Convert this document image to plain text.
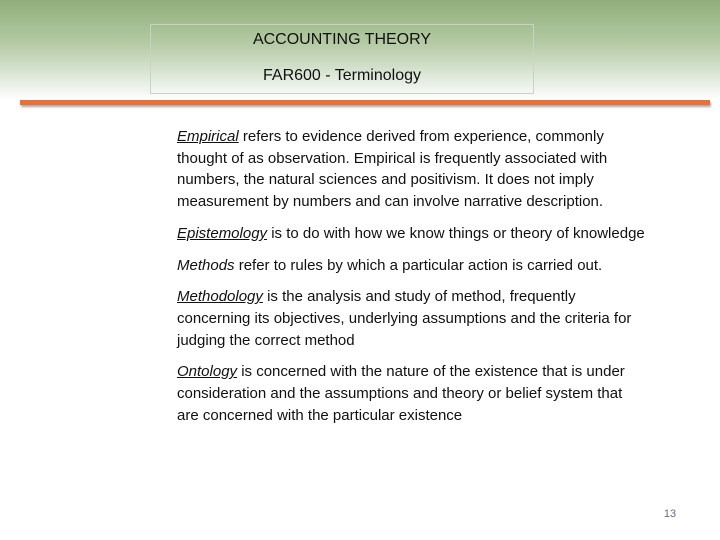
ACCOUNTING THEORY
FAR600 - Terminology

Empirical refers to evidence derived from experience, commonly thought of as observation. Empirical is frequently associated with numbers, the natural sciences and positivism. It does not imply measurement by numbers and can involve narrative description.

Epistemology is to do with how we know things or theory of knowledge

Methods refer to rules by which a particular action is carried out.

Methodology is the analysis and study of method, frequently concerning its objectives, underlying assumptions and the criteria for judging the correct method

Ontology is concerned with the nature of the existence that is under consideration and the assumptions and theory or belief system that are concerned with the particular existence

13
